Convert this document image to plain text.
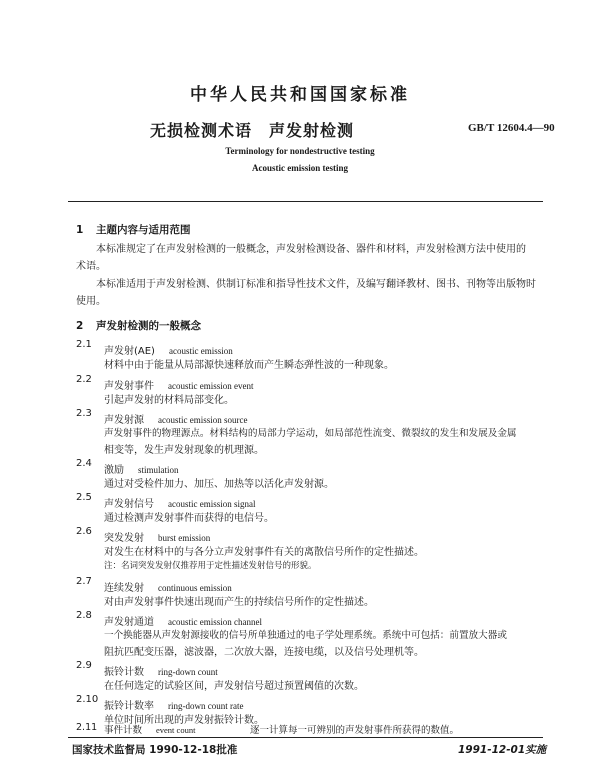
中华人民共和国国家标准
无损检测术语　声发射检测	GB/T 12604.4—90
Terminology for nondestructive testing
Acoustic emission testing
1 主题内容与适用范围
本标准规定了在声发射检测的一般概念，声发射检测设备、器件和材料，声发射检测方法中使用的
术语。
本标准适用于声发射检测、供制订标准和指导性技术文件，及编写翻译教材、图书、刊物等出版物时
使用。
2 声发射检测的一般概念
2.1
声发射(AE) acoustic emission
材料中由于能量从局部源快速释放而产生瞬态弹性波的一种现象。
2.2
声发射事件 acoustic emission event
引起声发射的材料局部变化。
2.3
声发射源 acoustic emission source
声发射事件的物理源点。材料结构的局部力学运动，如局部范性流变、微裂纹的发生和发展及金属
相变等，发生声发射现象的机理源。
2.4
激励 stimulation
通过对受检件加力、加压、加热等以活化声发射源。
2.5
声发射信号 acoustic emission signal
通过检测声发射事件而获得的电信号。
2.6
突发发射 burst emission
对发生在材料中的与各分立声发射事件有关的离散信号所作的定性描述。
注：名词突发发射仅推荐用于定性描述发射信号的形貌。
2.7
连续发射 continuous emission
对由声发射事件快速出现而产生的持续信号所作的定性描述。
2.8
声发射通道 acoustic emission channel
一个换能器从声发射源接收的信号所单独通过的电子学处理系统。系统中可包括：前置放大器或
阻抗匹配变压器，滤波器，二次放大器，连接电缆，以及信号处理机等。
2.9
振铃计数 ring-down count
在任何选定的试验区间，声发射信号超过预置阈值的次数。
2.10
振铃计数率 ring-down count rate
单位时间所出现的声发射振铃计数。
2.11 事件计数 event count	逐一计算每一可辨别的声发射事件所获得的数值。
国家技术监督局 1990-12-18批准	1991-12-01实施
